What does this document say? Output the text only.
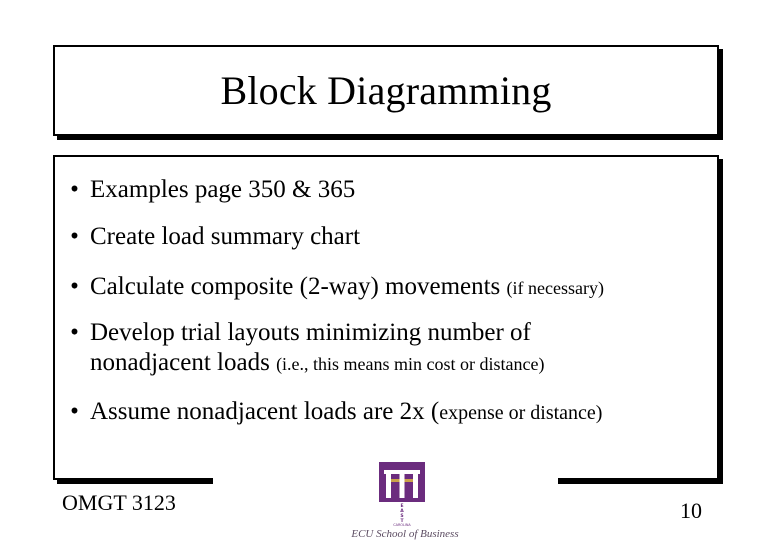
Block Diagramming
• Examples page 350 & 365
• Create load summary chart
• Calculate composite (2-way) movements (if necessary)
• Develop trial layouts minimizing number of
nonadjacent loads (i.e., this means min cost or distance)
• Assume nonadjacent loads are 2x (expense or distance)
OMGT 3123	E
A
S
T
CAROLINA
ECU School of Business
10
